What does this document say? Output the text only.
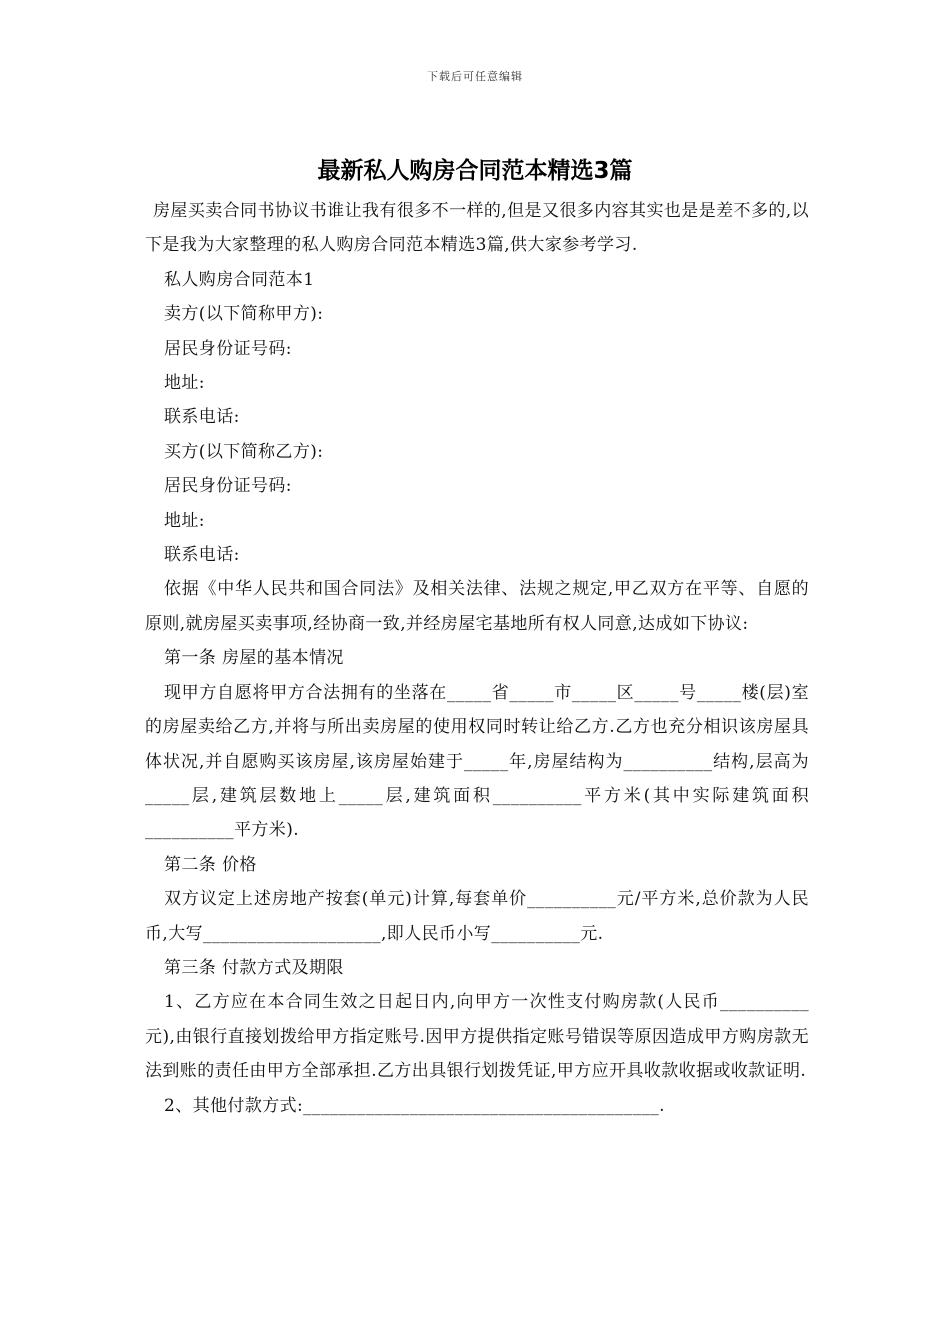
下载后可任意编辑
最新私人购房合同范本精选3篇

房屋买卖合同书协议书谁让我有很多不一样的,但是又很多内容其实也是是差不多的,以下是我为大家整理的私人购房合同范本精选3篇,供大家参考学习.

私人购房合同范本1

卖方(以下简称甲方):

居民身份证号码:

地址:

联系电话:

买方(以下简称乙方):

居民身份证号码:

地址:

联系电话:

依据《中华人民共和国合同法》及相关法律、法规之规定,甲乙双方在平等、自愿的原则,就房屋买卖事项,经协商一致,并经房屋宅基地所有权人同意,达成如下协议:

第一条 房屋的基本情况

现甲方自愿将甲方合法拥有的坐落在_____省_____市_____区_____号_____楼(层)室的房屋卖给乙方,并将与所出卖房屋的使用权同时转让给乙方.乙方也充分相识该房屋具体状况,并自愿购买该房屋,该房屋始建于_____年,房屋结构为__________结构,层高为_____层,建筑层数地上_____层,建筑面积__________平方米(其中实际建筑面积__________平方米).

第二条 价格

双方议定上述房地产按套(单元)计算,每套单价__________元/平方米,总价款为人民币,大写____________________,即人民币小写__________元.

第三条 付款方式及期限

1、乙方应在本合同生效之日起日内,向甲方一次性支付购房款(人民币__________元),由银行直接划拨给甲方指定账号.因甲方提供指定账号错误等原因造成甲方购房款无法到账的责任由甲方全部承担.乙方出具银行划拨凭证,甲方应开具收款收据或收款证明.

2、其他付款方式:________________________________________.
